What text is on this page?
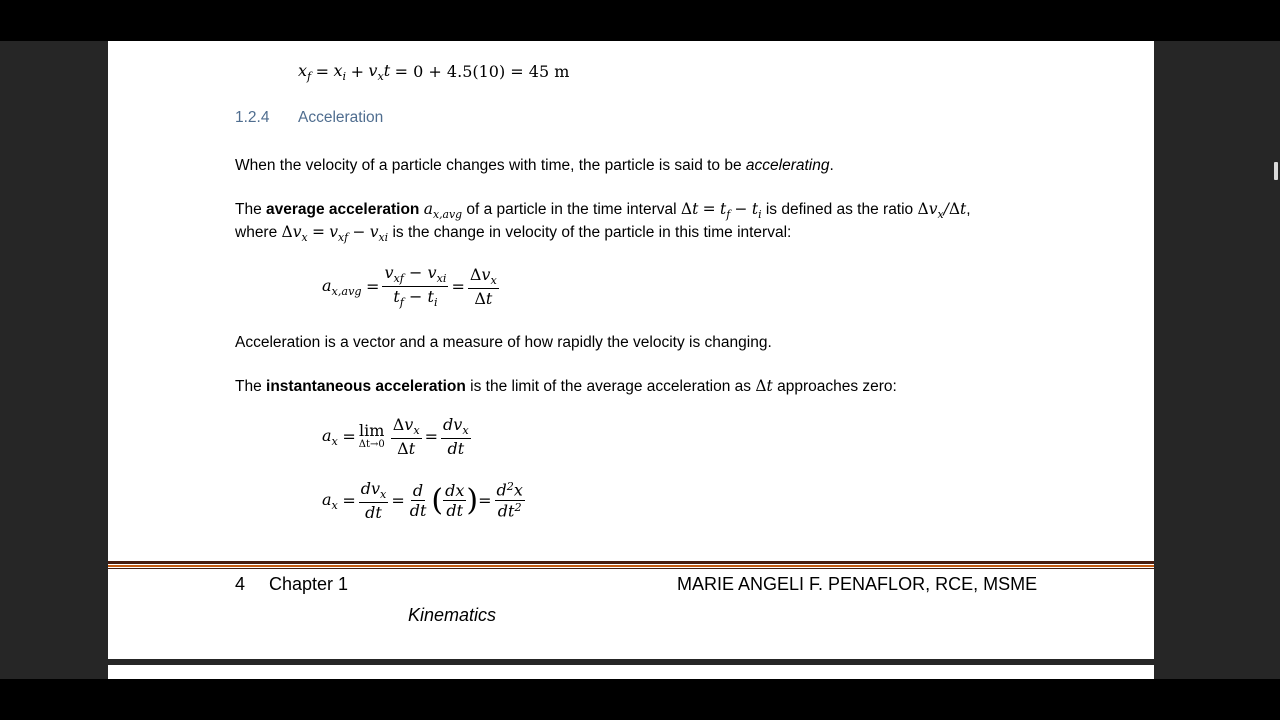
$x_f$
=
$x_i$
+
$v_xt$
= 0 + 4.5(10) = 45 m
1.2.4 Acceleration
When the velocity of a particle changes with time, the particle is said to be accelerating.
The average acceleration $a_{x,avg}$ of a particle in the time interval $\Delta t = t_f - t_i$ is defined as the ratio $\Delta v_x/\Delta t$,
where $\Delta v_x = v_{xf} - v_{xi}$ is the change in velocity of the particle in this time interval:
$a_{x,avg}$
= $\frac{v_{xf} - v_{xi}}{t_f - t_i} = \frac{\Delta v_x}{\Delta t}$
Acceleration is a vector and a measure of how rapidly the velocity is changing.
The instantaneous acceleration is the limit of the average acceleration as Δt approaches zero:
$a_x$
= lim
$\Delta t\to 0 \frac{\Delta v_x}{\Delta t} = \frac{dv_x}{dt}$
$a_x$
= $\frac{dv_x}{dt} = \frac{d}{dt}$ ( $\frac{dx}{dt}$ ) = $\frac{d^2x}{dt^2}$
4 Chapter 1	MARIE ANGELI F. PENAFLOR, RCE, MSME
Kinematics
